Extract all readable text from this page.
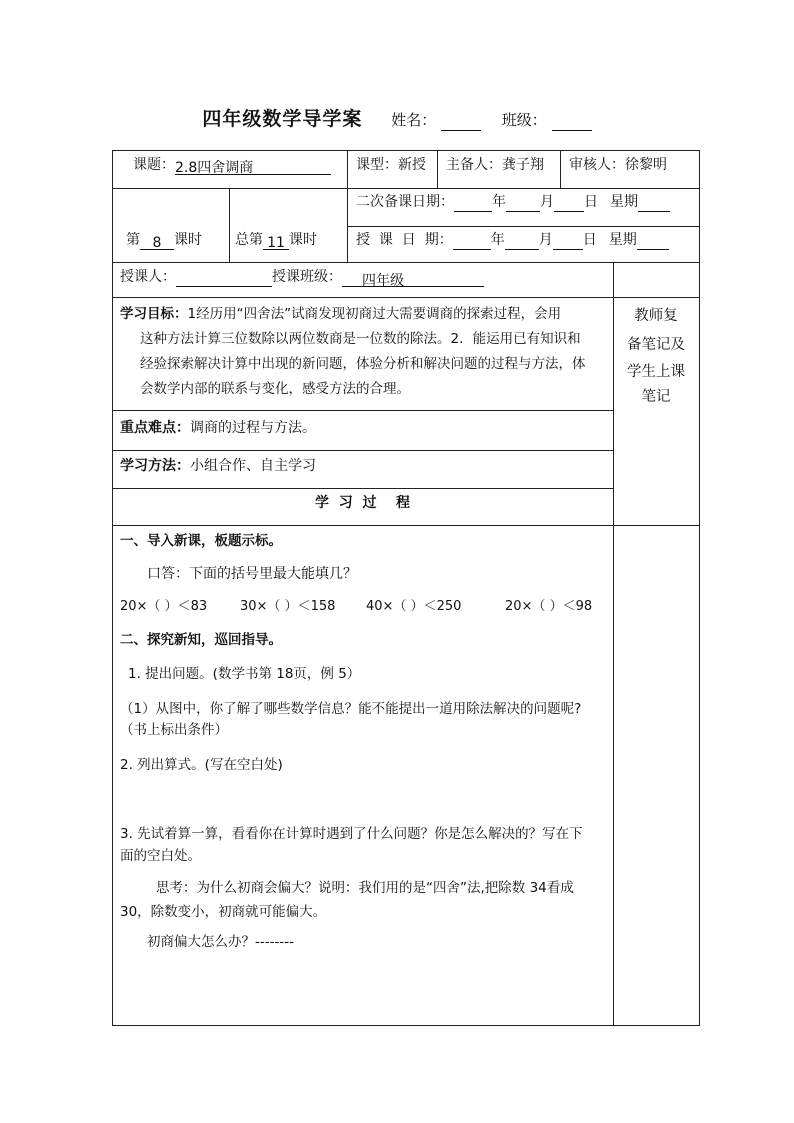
四年级数学导学案 姓名：	班级：
课题：2.8四舍调商	课型：新授 主备人：龚子翔 审核人：徐黎明
第 8 课时 总第 11 课时
二次备课日期：	年 月 日 星期
授  课  日  期：	年 月 日 星期
授课人：	授课班级： 四年级
学习目标：1经历用“四舍法”试商发现初商过大需要调商的探索过程，会用
这种方法计算三位数除以两位数商是一位数的除法。2．能运用已有知识和
经验探索解决计算中出现的新问题，体验分析和解决问题的过程与方法，体
会数学内部的联系与变化，感受方法的合理。
教师复
备笔记及
学生上课
笔记
重点难点：调商的过程与方法。
学习方法：小组合作、自主学习
学  习  过    程
一、导入新课，板题示标。
口答：下面的括号里最大能填几？
20×（ ）＜83	30×（ ）＜158 40×（ ）＜250	20×（ ）＜98
二、探究新知，巡回指导。
1. 提出问题。(数学书第 18页，例 5）
（1）从图中，你了解了哪些数学信息？能不能提出一道用除法解决的问题呢?
（书上标出条件）
2. 列出算式。(写在空白处)
3. 先试着算一算，看看你在计算时遇到了什么问题？你是怎么解决的？写在下
面的空白处。
思考：为什么初商会偏大？说明：我们用的是“四舍”法,把除数 34看成
30，除数变小，初商就可能偏大。
初商偏大怎么办？--------
